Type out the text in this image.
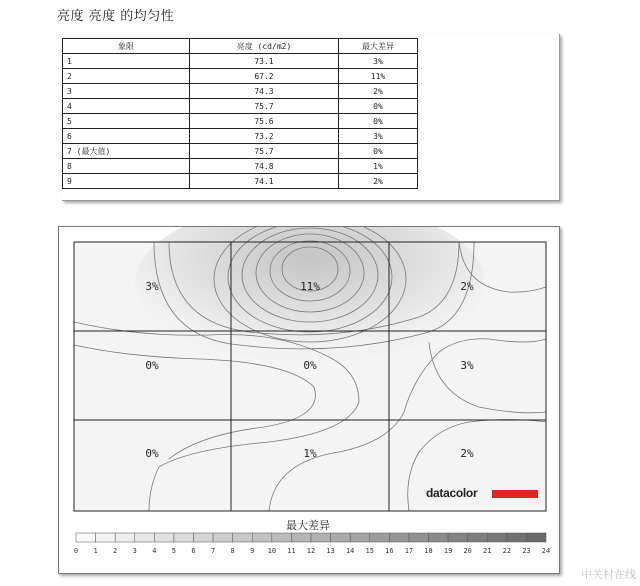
亮度 亮度 的均匀性
象限	亮度 (cd/m2)	最大差异
1	73.1	3%
2	67.2	11%
3	74.3	2%
4	75.7	0%
5	75.6	0%
6	73.2	3%
7 (最大值)	75.7	0%
8	74.8	1%
9	74.1	2%
3%	11%	2%
0%	0%	3%
0%	1%	2%
0 1 2 3 4 5 6 7 8 9 10 11 12 13 14 15 16 17 18 19 20 21 22 23 24
最大差异
datacolor
中关村在线
